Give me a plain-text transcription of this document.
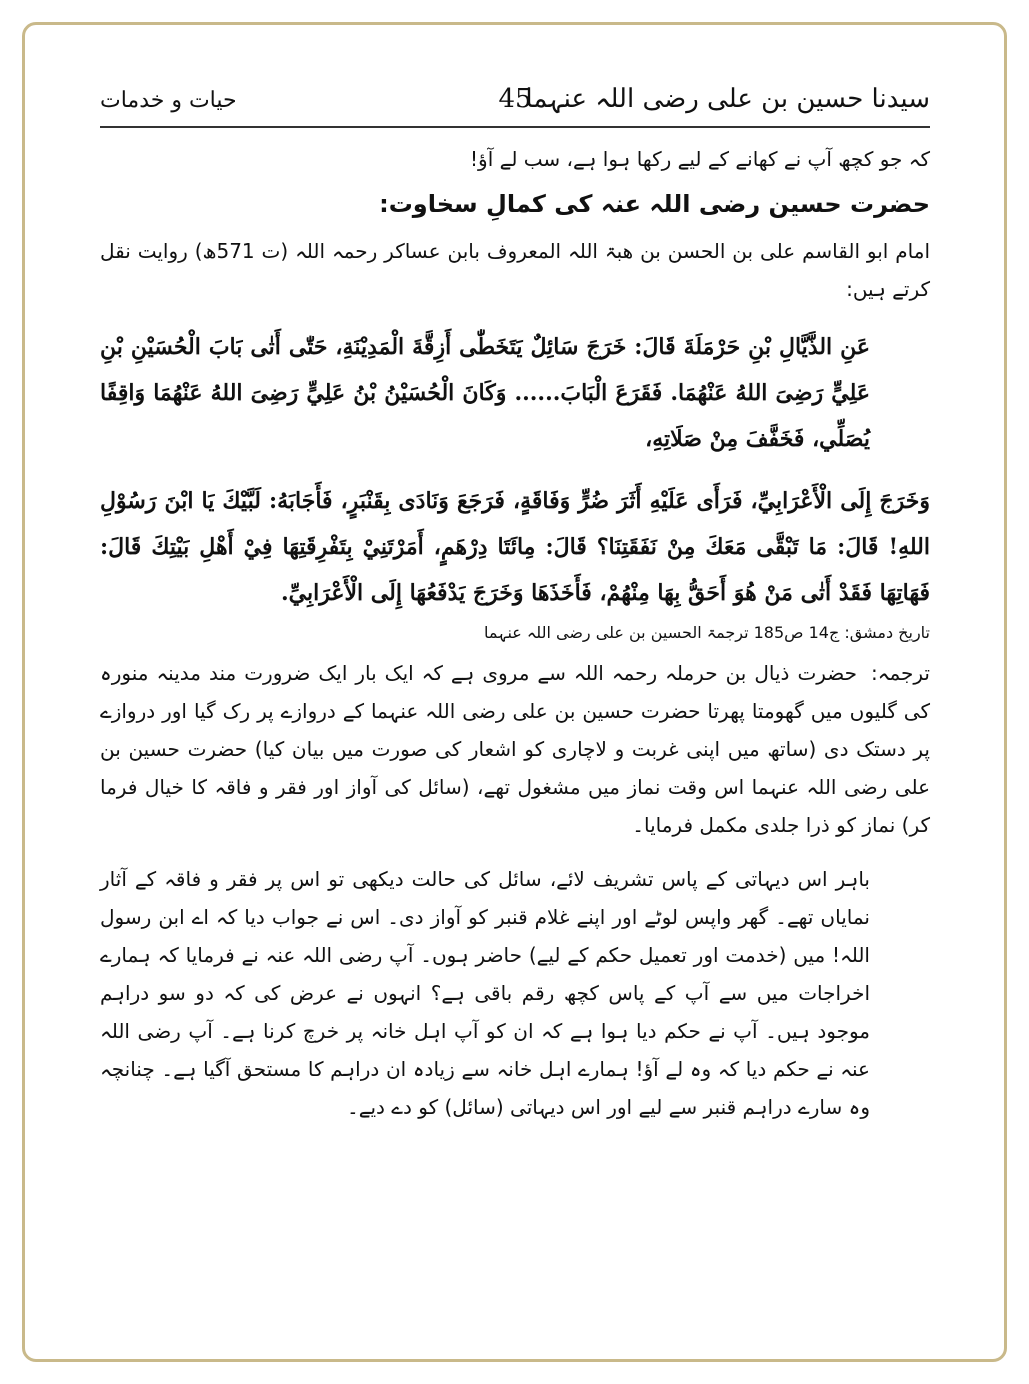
سیدنا حسین بن علی رضی اللہ عنہما
45
حیات و خدمات

کہ جو کچھ آپ نے کھانے کے لیے رکھا ہوا ہے، سب لے آؤ!

حضرت حسین رضی اللہ عنہ کی کمالِ سخاوت:

امام ابو القاسم علی بن الحسن بن ھبۃ اللہ المعروف بابن عساکر رحمہ اللہ (ت 571ھ) روایت نقل کرتے ہیں:

عَنِ الذَّيَّالِ بْنِ حَرْمَلَةَ قَالَ: خَرَجَ سَائِلٌ يَتَخَطّٰى أَزِقَّةَ الْمَدِيْنَةِ، حَتّٰى أَتٰى بَابَ الْحُسَيْنِ بْنِ عَلِيٍّ رَضِىَ اللهُ عَنْهُمَا. فَقَرَعَ الْبَابَ...... وَكَانَ الْحُسَيْنُ بْنُ عَلِيٍّ رَضِىَ اللهُ عَنْهُمَا وَاقِفًا يُصَلِّي، فَخَفَّفَ مِنْ صَلَاتِهِ،

وَخَرَجَ إِلَى الْأَعْرَابِيِّ، فَرَأَى عَلَيْهِ أَثَرَ ضُرٍّ وَفَاقَةٍ، فَرَجَعَ وَنَادَى بِقَنْبَرٍ، فَأَجَابَهُ: لَبَّيْكَ يَا ابْنَ رَسُوْلِ اللهِ! قَالَ: مَا تَبْقَّى مَعَكَ مِنْ نَفَقَتِنَا؟ قَالَ: مِائَتَا دِرْهَمٍ، أَمَرْتَنِيْ بِتَفْرِقَتِهَا فِيْ أَهْلِ بَيْتِكَ قَالَ: فَهَاتِهَا فَقَدْ أَتٰى مَنْ هُوَ أَحَقُّ بِهَا مِنْهُمْ، فَأَخَذَهَا وَخَرَجَ يَدْفَعُهَا إِلَى الْأَعْرَابِيِّ.

تاریخ دمشق: ج14 ص185 ترجمۃ الحسین بن علی رضی اللہ عنہما

ترجمہ:حضرت ذیال بن حرملہ رحمہ اللہ سے مروی ہے کہ ایک بار ایک ضرورت مند مدینہ منورہ کی گلیوں میں گھومتا پھرتا حضرت حسین بن علی رضی اللہ عنہما کے دروازے پر رک گیا اور دروازے پر دستک دی (ساتھ میں اپنی غربت و لاچاری کو اشعار کی صورت میں بیان کیا) حضرت حسین بن علی رضی اللہ عنہما اس وقت نماز میں مشغول تھے، (سائل کی آواز اور فقر و فاقہ کا خیال فرما کر) نماز کو ذرا جلدی مکمل فرمایا۔

باہر اس دیہاتی کے پاس تشریف لائے، سائل کی حالت دیکھی تو اس پر فقر و فاقہ کے آثار نمایاں تھے۔ گھر واپس لوٹے اور اپنے غلام قنبر کو آواز دی۔ اس نے جواب دیا کہ اے ابن رسول اللہ! میں (خدمت اور تعمیل حکم کے لیے) حاضر ہوں۔ آپ رضی اللہ عنہ نے فرمایا کہ ہمارے اخراجات میں سے آپ کے پاس کچھ رقم باقی ہے؟ انہوں نے عرض کی کہ دو سو دراہم موجود ہیں۔ آپ نے حکم دیا ہوا ہے کہ ان کو آپ اہل خانہ پر خرچ کرنا ہے۔ آپ رضی اللہ عنہ نے حکم دیا کہ وہ لے آؤ! ہمارے اہل خانہ سے زیادہ ان دراہم کا مستحق آگیا ہے۔ چنانچہ وہ سارے دراہم قنبر سے لیے اور اس دیہاتی (سائل) کو دے دیے۔
